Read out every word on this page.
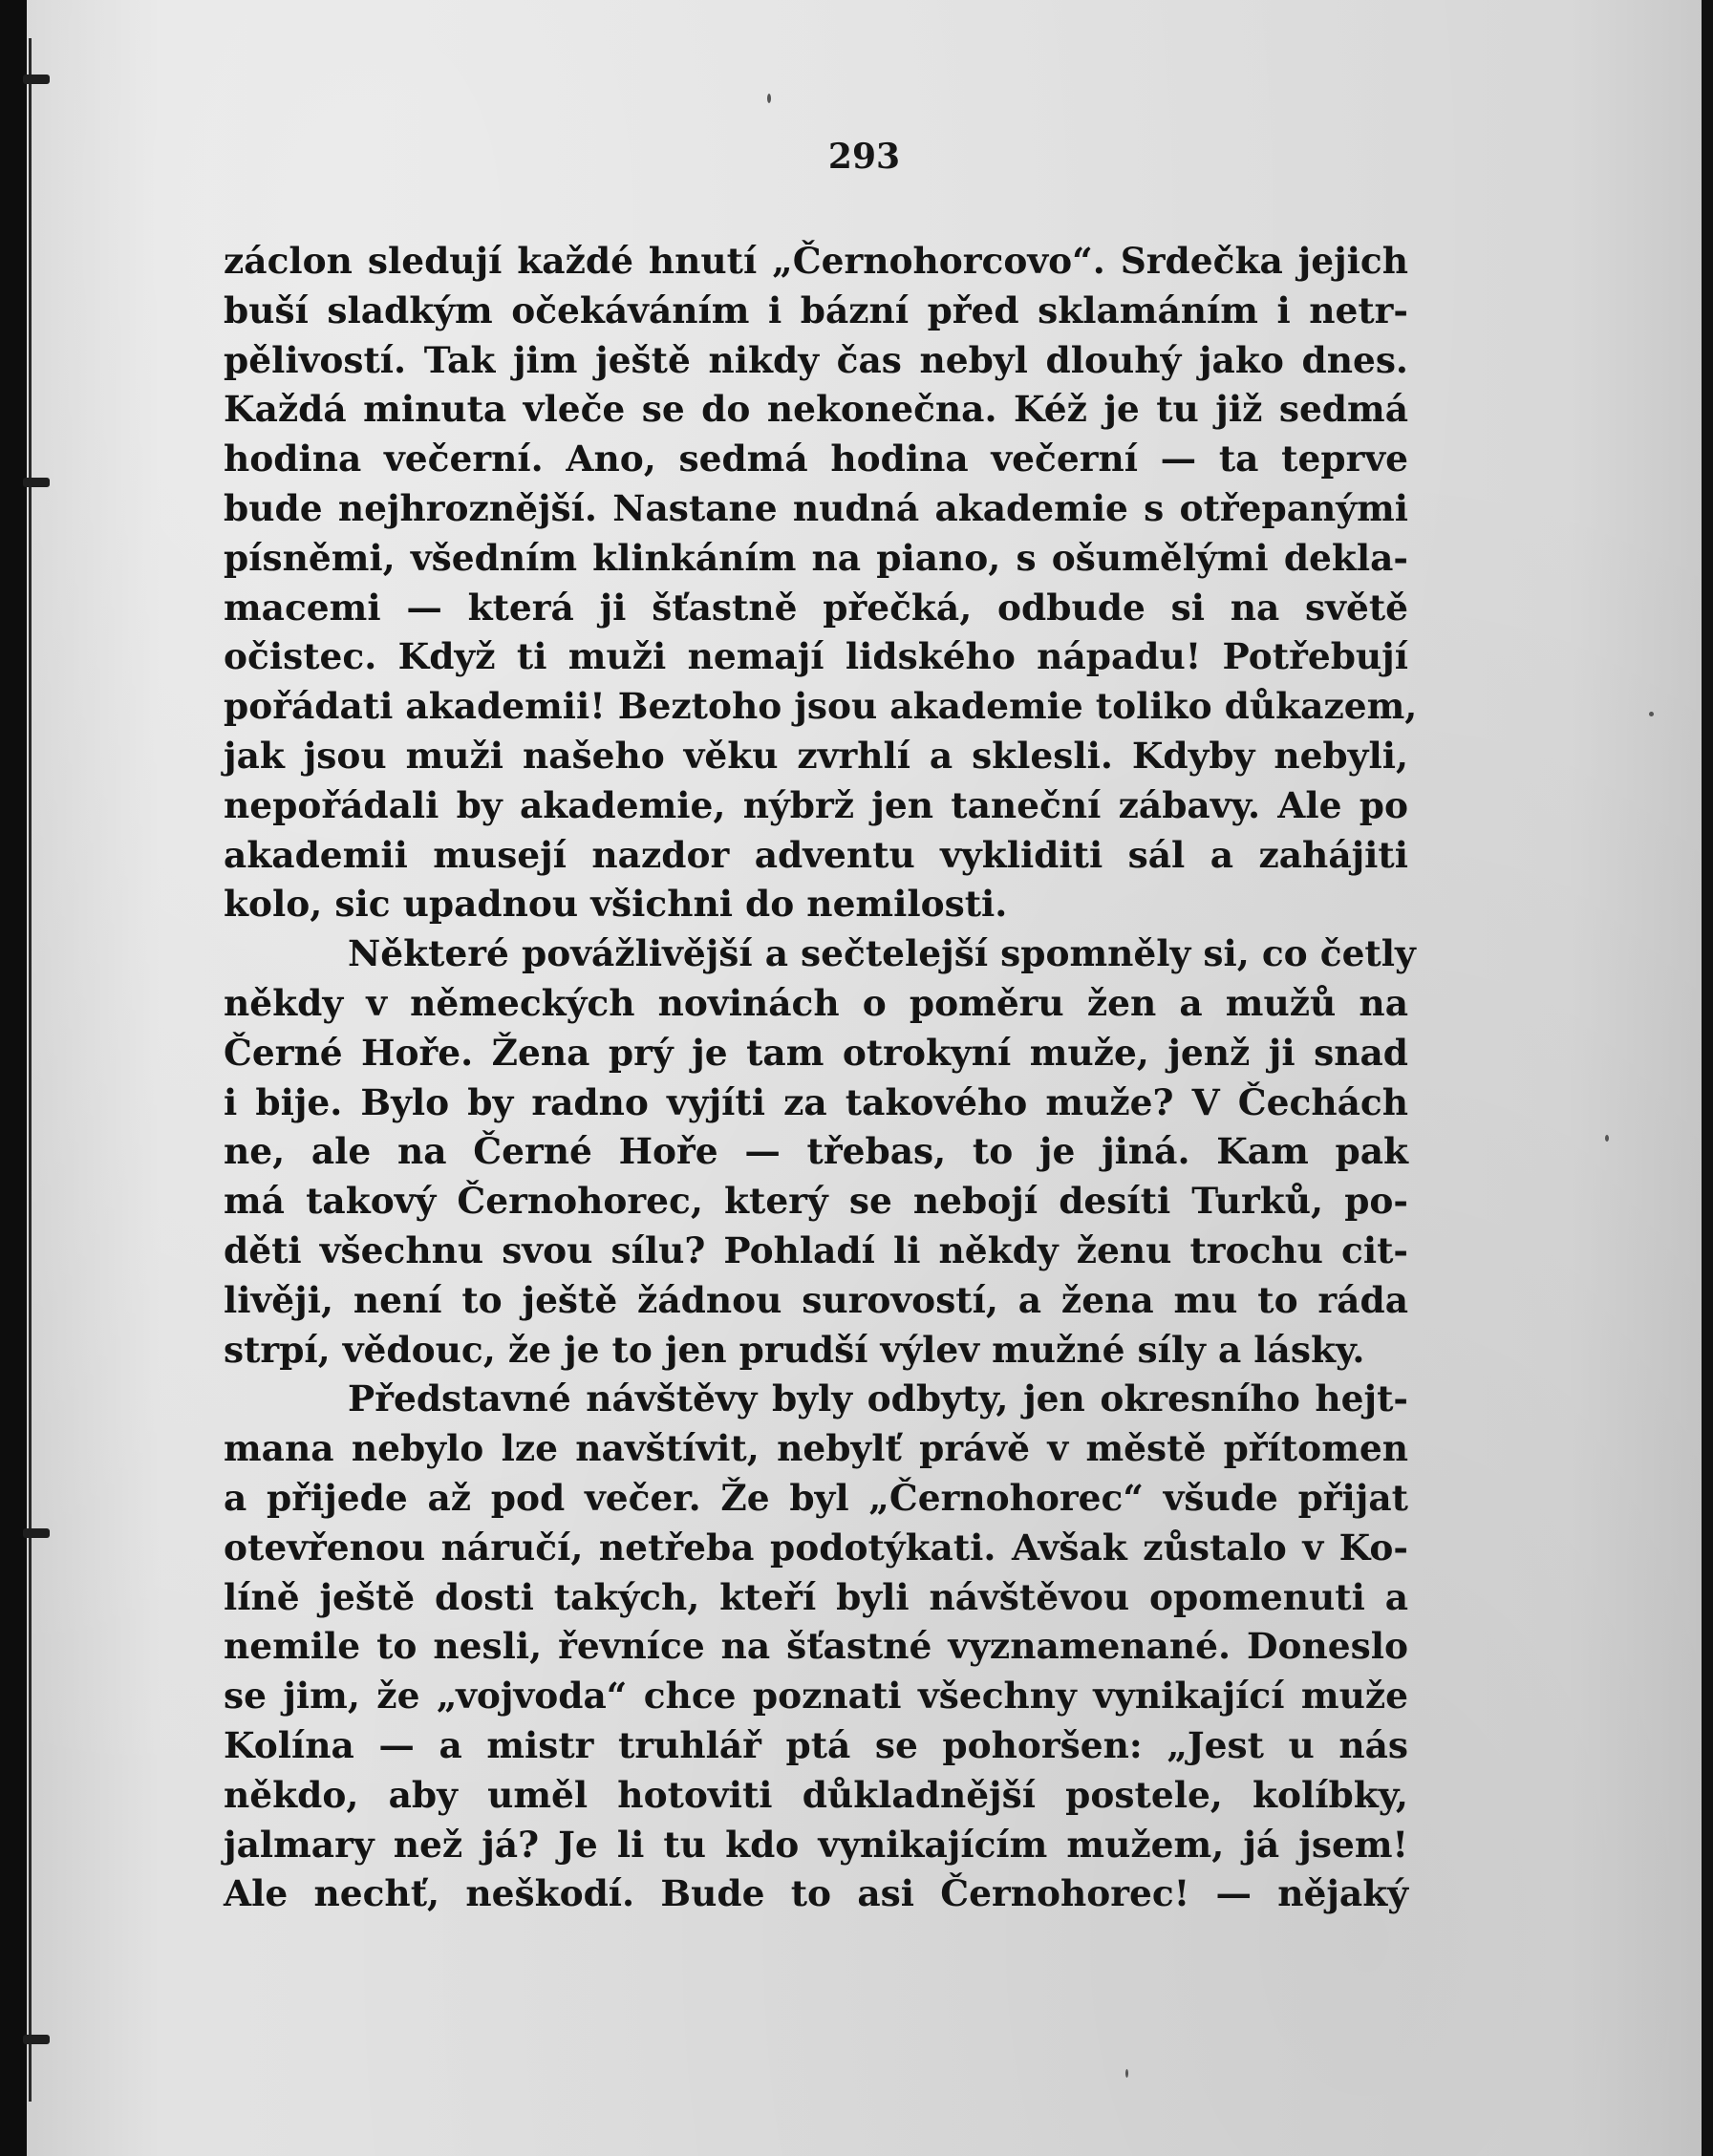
293
záclon sledují každé hnutí „Černohorcovo“. Srdečka jejich
buší sladkým očekáváním i bázní před sklamáním i netr-
pělivostí. Tak jim ještě nikdy čas nebyl dlouhý jako dnes.
Každá minuta vleče se do nekonečna. Kéž je tu již sedmá
hodina večerní. Ano, sedmá hodina večerní — ta teprve
bude nejhroznější. Nastane nudná akademie s otřepanými
písněmi, všedním klinkáním na piano, s ošumělými dekla-
macemi — která ji šťastně přečká, odbude si na světě
očistec. Když ti muži nemají lidského nápadu! Potřebují
pořádati akademii! Beztoho jsou akademie toliko důkazem,
jak jsou muži našeho věku zvrhlí a sklesli. Kdyby nebyli,
nepořádali by akademie, nýbrž jen taneční zábavy. Ale po
akademii musejí nazdor adventu vykliditi sál a zahájiti
kolo, sic upadnou všichni do nemilosti.
Některé povážlivější a sečtelejší spomněly si, co četly
někdy v německých novinách o poměru žen a mužů na
Černé Hoře. Žena prý je tam otrokyní muže, jenž ji snad
i bije. Bylo by radno vyjíti za takového muže? V Čechách
ne, ale na Černé Hoře — třebas, to je jiná. Kam pak
má takový Černohorec, který se nebojí desíti Turků, po-
děti všechnu svou sílu? Pohladí li někdy ženu trochu cit-
livěji, není to ještě žádnou surovostí, a žena mu to ráda
strpí, vědouc, že je to jen prudší výlev mužné síly a lásky.
Představné návštěvy byly odbyty, jen okresního hejt-
mana nebylo lze navštívit, nebylť právě v městě přítomen
a přijede až pod večer. Že byl „Černohorec“ všude přijat
otevřenou náručí, netřeba podotýkati. Avšak zůstalo v Ko-
líně ještě dosti takých, kteří byli návštěvou opomenuti a
nemile to nesli, řevníce na šťastné vyznamenané. Doneslo
se jim, že „vojvoda“ chce poznati všechny vynikající muže
Kolína — a mistr truhlář ptá se pohoršen: „Jest u nás
někdo, aby uměl hotoviti důkladnější postele, kolíbky,
jalmary než já? Je li tu kdo vynikajícím mužem, já jsem!
Ale nechť, neškodí. Bude to asi Černohorec! — nějaký
